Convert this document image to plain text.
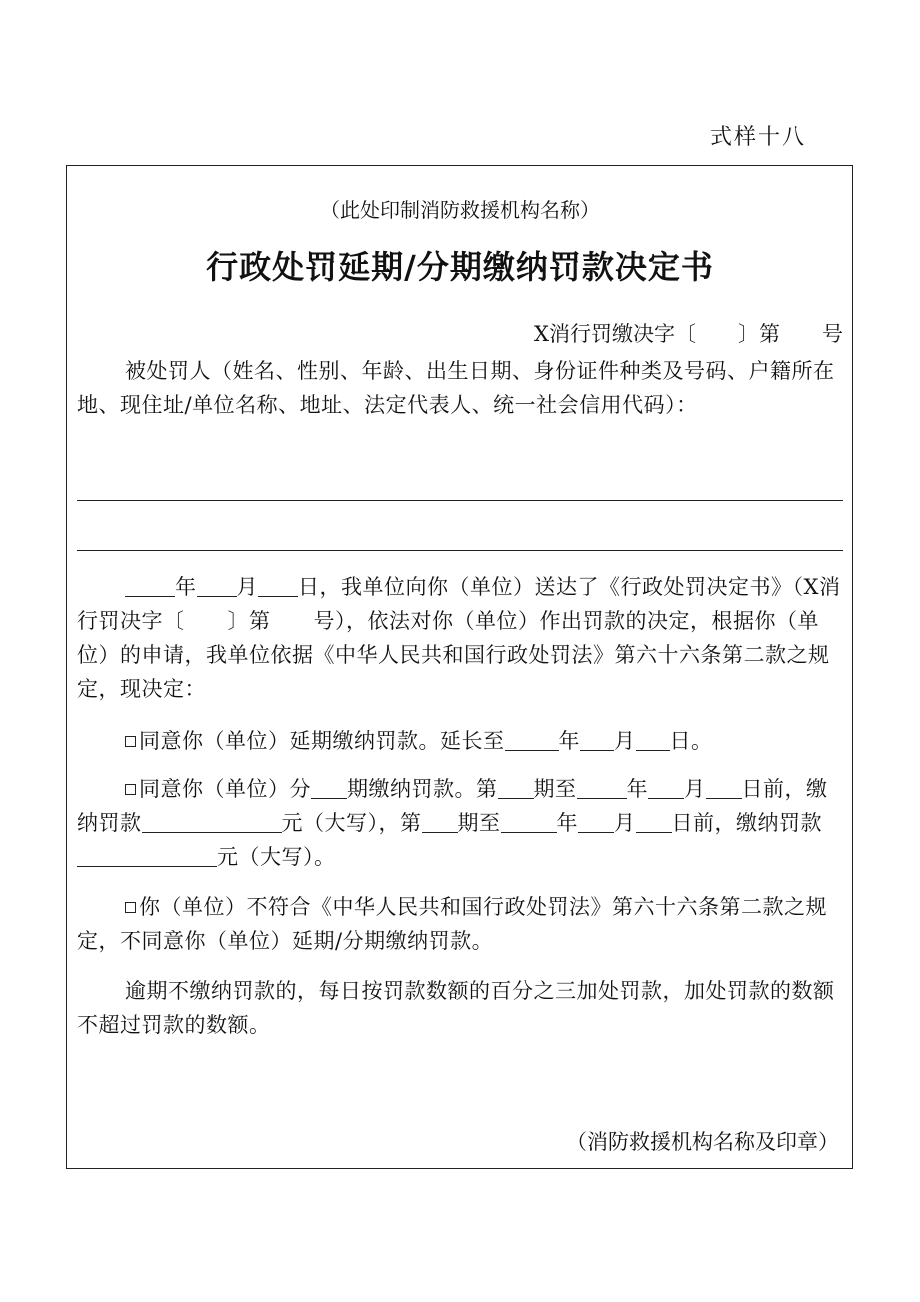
式样十八
（此处印制消防救援机构名称）
行政处罚延期/分期缴纳罚款决定书
X消行罚缴决字〔　　〕第　　号
被处罚人（姓名、性别、年龄、出生日期、身份证件种类及号码、户籍所在地、现住址/单位名称、地址、法定代表人、统一社会信用代码）：
年 月 日，我单位向你（单位）送达了《行政处罚决定书》（X消行罚决字〔　　〕第　　号），依法对你（单位）作出罚款的决定，根据你（单位）的申请，我单位依据《中华人民共和国行政处罚法》第六十六条第二款之规定，现决定：
同意你（单位）延期缴纳罚款。延长至	年 月 日。
同意你（单位）分 期缴纳罚款。第 期至 年 月 日前，缴纳罚款	元（大写），第 期至	年 月 日前，缴纳罚款元（大写）。
你（单位）不符合《中华人民共和国行政处罚法》第六十六条第二款之规定，不同意你（单位）延期/分期缴纳罚款。
逾期不缴纳罚款的，每日按罚款数额的百分之三加处罚款，加处罚款的数额不超过罚款的数额。
（消防救援机构名称及印章）
